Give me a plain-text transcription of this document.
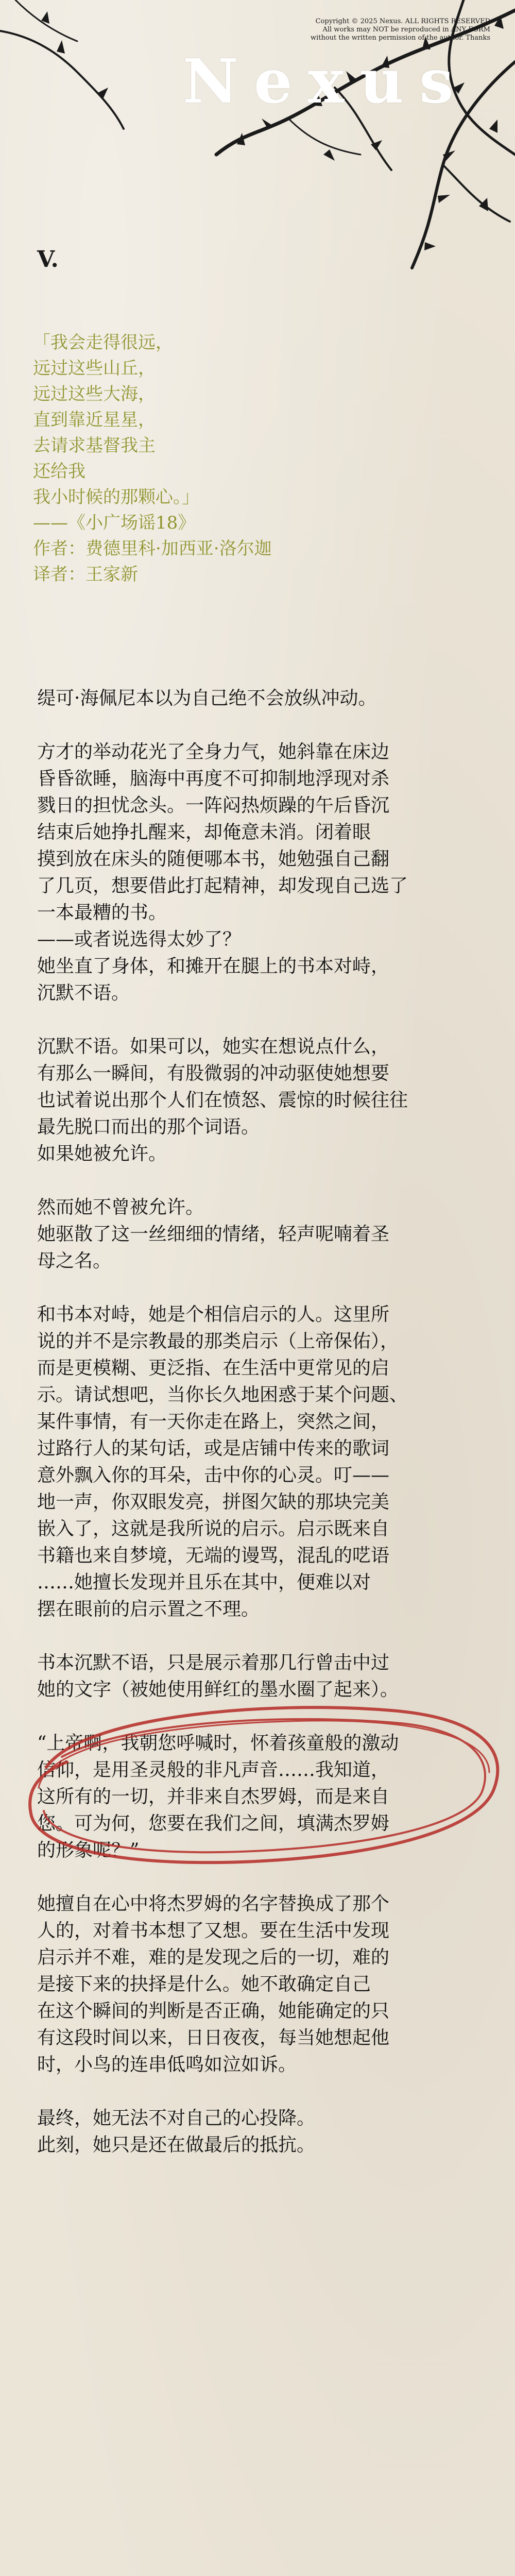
Copyright © 2025 Nexus. ALL RIGHTS RESERVED
All works may NOT be reproduced in ANY FORM
without the written permission of the author. Thanks
Nexus
V.
「我会走得很远，
远过这些山丘，
远过这些大海，
直到靠近星星，
去请求基督我主
还给我
我小时候的那颗心。」
——《小广场谣18》
作者：费德里科·加西亚·洛尔迦
译者：王家新
缇可·海佩尼本以为自己绝不会放纵冲动。
方才的举动花光了全身力气，她斜靠在床边
昏昏欲睡，脑海中再度不可抑制地浮现对杀
戮日的担忧念头。一阵闷热烦躁的午后昏沉
结束后她挣扎醒来，却俺意未消。闭着眼
摸到放在床头的随便哪本书，她勉强自己翻
了几页，想要借此打起精神，却发现自己选了
一本最糟的书。
——或者说选得太妙了？
她坐直了身体，和摊开在腿上的书本对峙，
沉默不语。
沉默不语。如果可以，她实在想说点什么，
有那么一瞬间，有股微弱的冲动驱使她想要
也试着说出那个人们在愤怒、震惊的时候往往
最先脱口而出的那个词语。
如果她被允许。
然而她不曾被允许。
她驱散了这一丝细细的情绪，轻声呢喃着圣
母之名。
和书本对峙，她是个相信启示的人。这里所
说的并不是宗教最的那类启示（上帝保佑），
而是更模糊、更泛指、在生活中更常见的启
示。请试想吧，当你长久地困惑于某个问题、
某件事情，有一天你走在路上，突然之间，
过路行人的某句话，或是店铺中传来的歌词
意外飘入你的耳朵，击中你的心灵。叮——
地一声，你双眼发亮，拼图欠缺的那块完美
嵌入了，这就是我所说的启示。启示既来自
书籍也来自梦境，无端的谩骂，混乱的呓语
……她擅长发现并且乐在其中，便难以对
摆在眼前的启示置之不理。
书本沉默不语，只是展示着那几行曾击中过
她的文字（被她使用鲜红的墨水圈了起来）。
“上帝啊，我朝您呼喊时，怀着孩童般的激动
信仰，是用圣灵般的非凡声音……我知道，
这所有的一切，并非来自杰罗姆，而是来自
您。可为何，您要在我们之间，填满杰罗姆
的形象呢？”
她擅自在心中将杰罗姆的名字替换成了那个
人的，对着书本想了又想。要在生活中发现
启示并不难，难的是发现之后的一切，难的
是接下来的抉择是什么。她不敢确定自己
在这个瞬间的判断是否正确，她能确定的只
有这段时间以来，日日夜夜，每当她想起他
时，小鸟的连串低鸣如泣如诉。
最终，她无法不对自己的心投降。
此刻，她只是还在做最后的抵抗。
